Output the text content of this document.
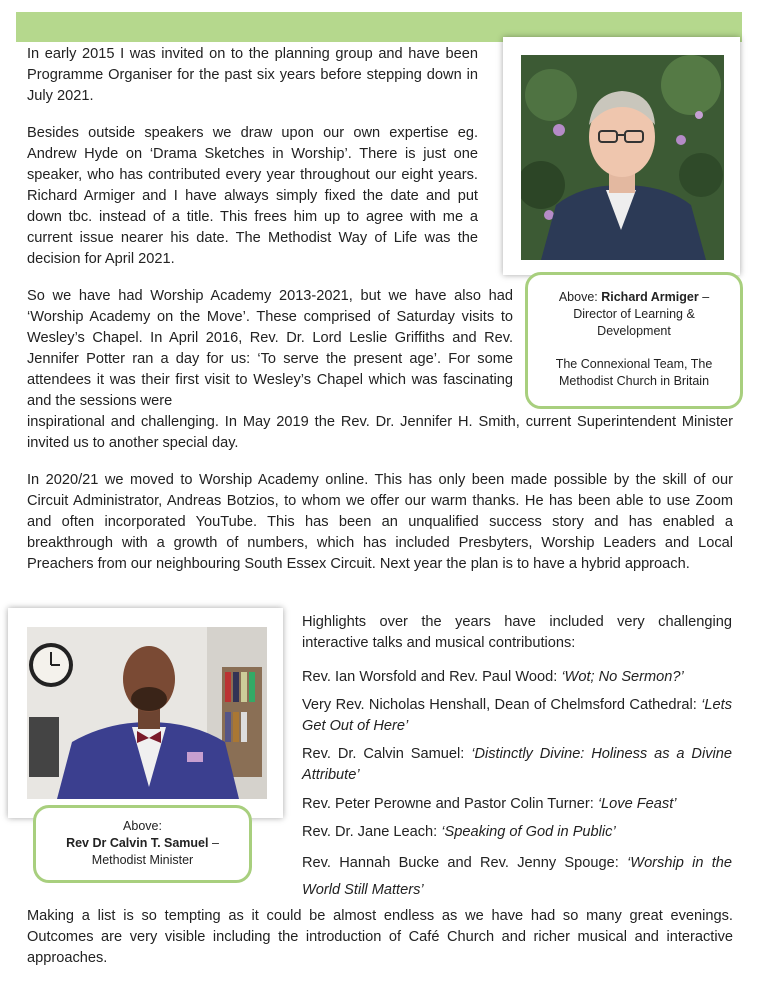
In early 2015 I was invited on to the planning group and have been Programme Organiser for the past six years before stepping down in July 2021.

Besides outside speakers we draw upon our own expertise eg. Andrew Hyde on ‘Drama Sketches in Worship’. There is just one speaker, who has contributed every year throughout our eight years. Richard Armiger and I have always simply fixed the date and put down tbc. instead of a title. This frees him up to agree with me a current issue nearer his date. The Methodist Way of Life was the decision for April 2021.

So we have had Worship Academy 2013-2021, but we have also had ‘Worship Academy on the Move’. These comprised of Saturday visits to Wesley’s Chapel. In April 2016, Rev. Dr. Lord Leslie Griffiths and Rev. Jennifer Potter ran a day for us: ‘To serve the present age’. For some attendees it was their first visit to Wesley’s Chapel which was fascinating and the sessions were

inspirational and challenging. In May 2019 the Rev. Dr. Jennifer H. Smith, current Superintendent Minister invited us to another special day.

In 2020/21 we moved to Worship Academy online. This has only been made possible by the skill of our Circuit Administrator, Andreas Botzios, to whom we offer our warm thanks. He has been able to use Zoom and often incorporated YouTube. This has been an unqualified success story and has enabled a breakthrough with a growth of numbers, which has included Presbyters, Worship Leaders and Local Preachers from our neighbouring South Essex Circuit. Next year the plan is to have a hybrid approach.

Above: Richard Armiger –

Director of Learning & Development

The Connexional Team, The Methodist Church in Britain

Above:

Rev Dr Calvin T. Samuel –

Methodist Minister

Highlights over the years have included very challenging interactive talks and musical contributions:

Rev. Ian Worsfold and Rev. Paul Wood: ‘Wot; No Sermon?’

Very Rev. Nicholas Henshall, Dean of Chelmsford Cathedral: ‘Lets Get Out of Here’

Rev. Dr. Calvin Samuel: ‘Distinctly Divine: Holiness as a Divine Attribute’

Rev. Peter Perowne and Pastor Colin Turner: ‘Love Feast’

Rev. Dr. Jane Leach: ‘Speaking of God in Public’

Rev. Hannah Bucke and Rev. Jenny Spouge: ‘Worship in the World Still Matters’

Making a list is so tempting as it could be almost endless as we have had so many great evenings. Outcomes are very visible including the introduction of Café Church and richer musical and interactive approaches.
